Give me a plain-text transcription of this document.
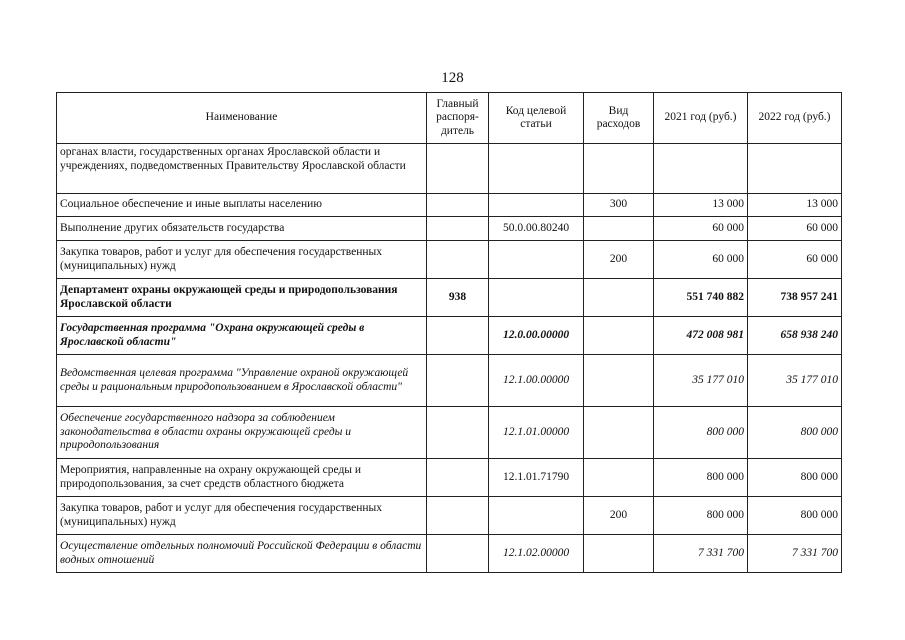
128
Наименование	Главный распоря-дитель	Код целевой статьи	Вид расходов	2021 год (руб.)	2022 год (руб.)
органах власти, государственных органах Ярославской области и учреждениях, подведомственных Правительству Ярославской области					
Социальное обеспечение и иные выплаты населению			300	13 000	13 000
Выполнение других обязательств государства		50.0.00.80240		60 000	60 000
Закупка товаров, работ и услуг для обеспечения государственных (муниципальных) нужд			200	60 000	60 000
Департамент охраны окружающей среды и природопользования Ярославской области	938			551 740 882	738 957 241
Государственная программа "Охрана окружающей среды в Ярославской области"		12.0.00.00000		472 008 981	658 938 240
Ведомственная целевая программа "Управление охраной окружающей среды и рациональным природопользованием в Ярославской области"		12.1.00.00000		35 177 010	35 177 010
Обеспечение государственного надзора за соблюдением законодательства в области охраны окружающей среды и природопользования		12.1.01.00000		800 000	800 000
Мероприятия, направленные на охрану окружающей среды и природопользования, за счет средств областного бюджета		12.1.01.71790		800 000	800 000
Закупка товаров, работ и услуг для обеспечения государственных (муниципальных) нужд			200	800 000	800 000
Осуществление отдельных полномочий Российской Федерации в области водных отношений		12.1.02.00000		7 331 700	7 331 700
